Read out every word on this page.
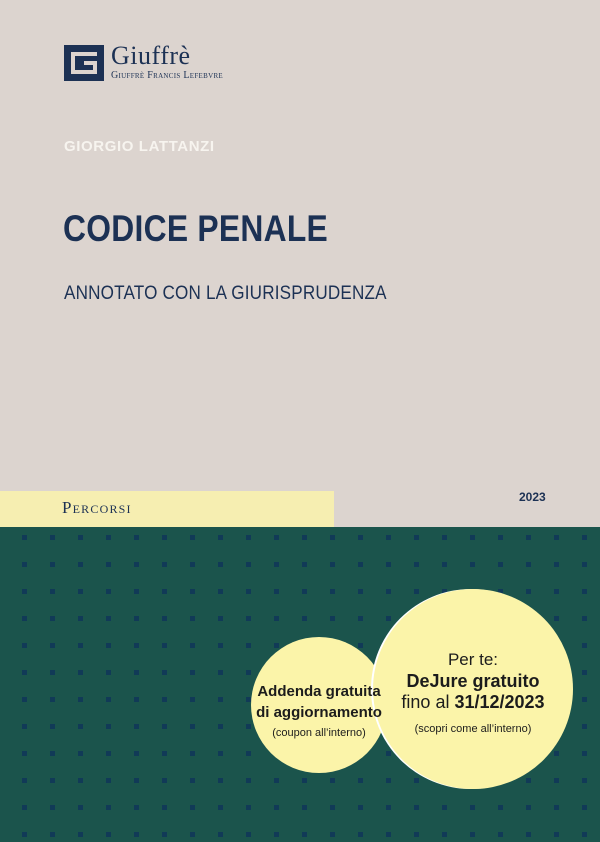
Giuffrè
Giuffrè Francis Lefebvre
GIORGIO LATTANZI
CODICE PENALE
ANNOTATO CON LA GIURISPRUDENZA
Percorsi
2023
Addenda gratuita
di aggiornamento
(coupon all’interno)
Per te:
DeJure gratuito
fino al 31/12/2023
(scopri come all’interno)
